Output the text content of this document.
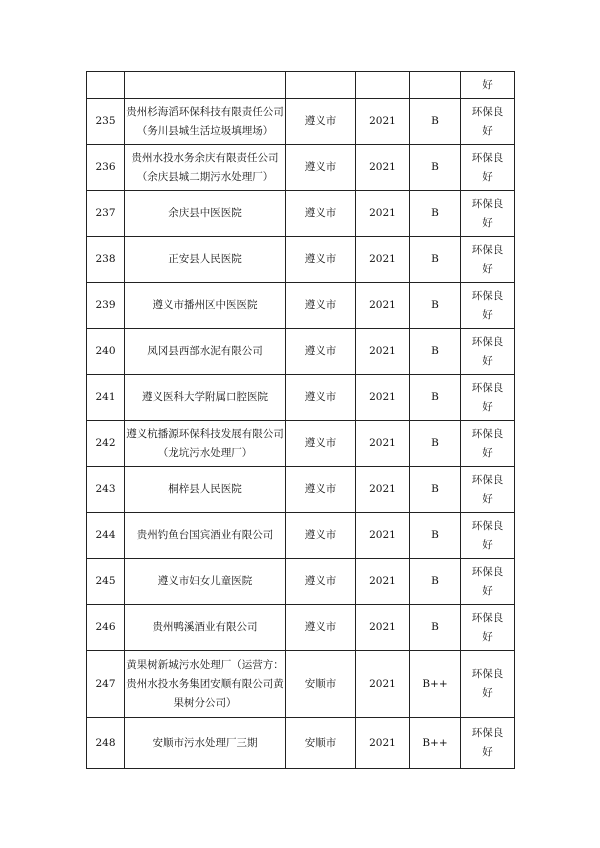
					好
235	贵州杉海滔环保科技有限责任公司（务川县城生活垃圾填埋场）	遵义市	2021	B	环保良
好

236	贵州水投水务余庆有限责任公司（余庆县城二期污水处理厂）	遵义市	2021	B	环保良
好

237	余庆县中医医院	遵义市	2021	B	环保良
好

238	正安县人民医院	遵义市	2021	B	环保良
好

239	遵义市播州区中医医院	遵义市	2021	B	环保良
好

240	凤冈县西部水泥有限公司	遵义市	2021	B	环保良
好

241	遵义医科大学附属口腔医院	遵义市	2021	B	环保良
好

242	遵义杭播源环保科技发展有限公司（龙坑污水处理厂）	遵义市	2021	B	环保良
好

243	桐梓县人民医院	遵义市	2021	B	环保良
好

244	贵州钓鱼台国宾酒业有限公司	遵义市	2021	B	环保良
好

245	遵义市妇女儿童医院	遵义市	2021	B	环保良
好

246	贵州鸭溪酒业有限公司	遵义市	2021	B	环保良
好

247	黄果树新城污水处理厂（运营方：贵州水投水务集团安顺有限公司黄果树分公司）	安顺市	2021	B++	环保良
好

248	安顺市污水处理厂三期	安顺市	2021	B++	环保良
好
